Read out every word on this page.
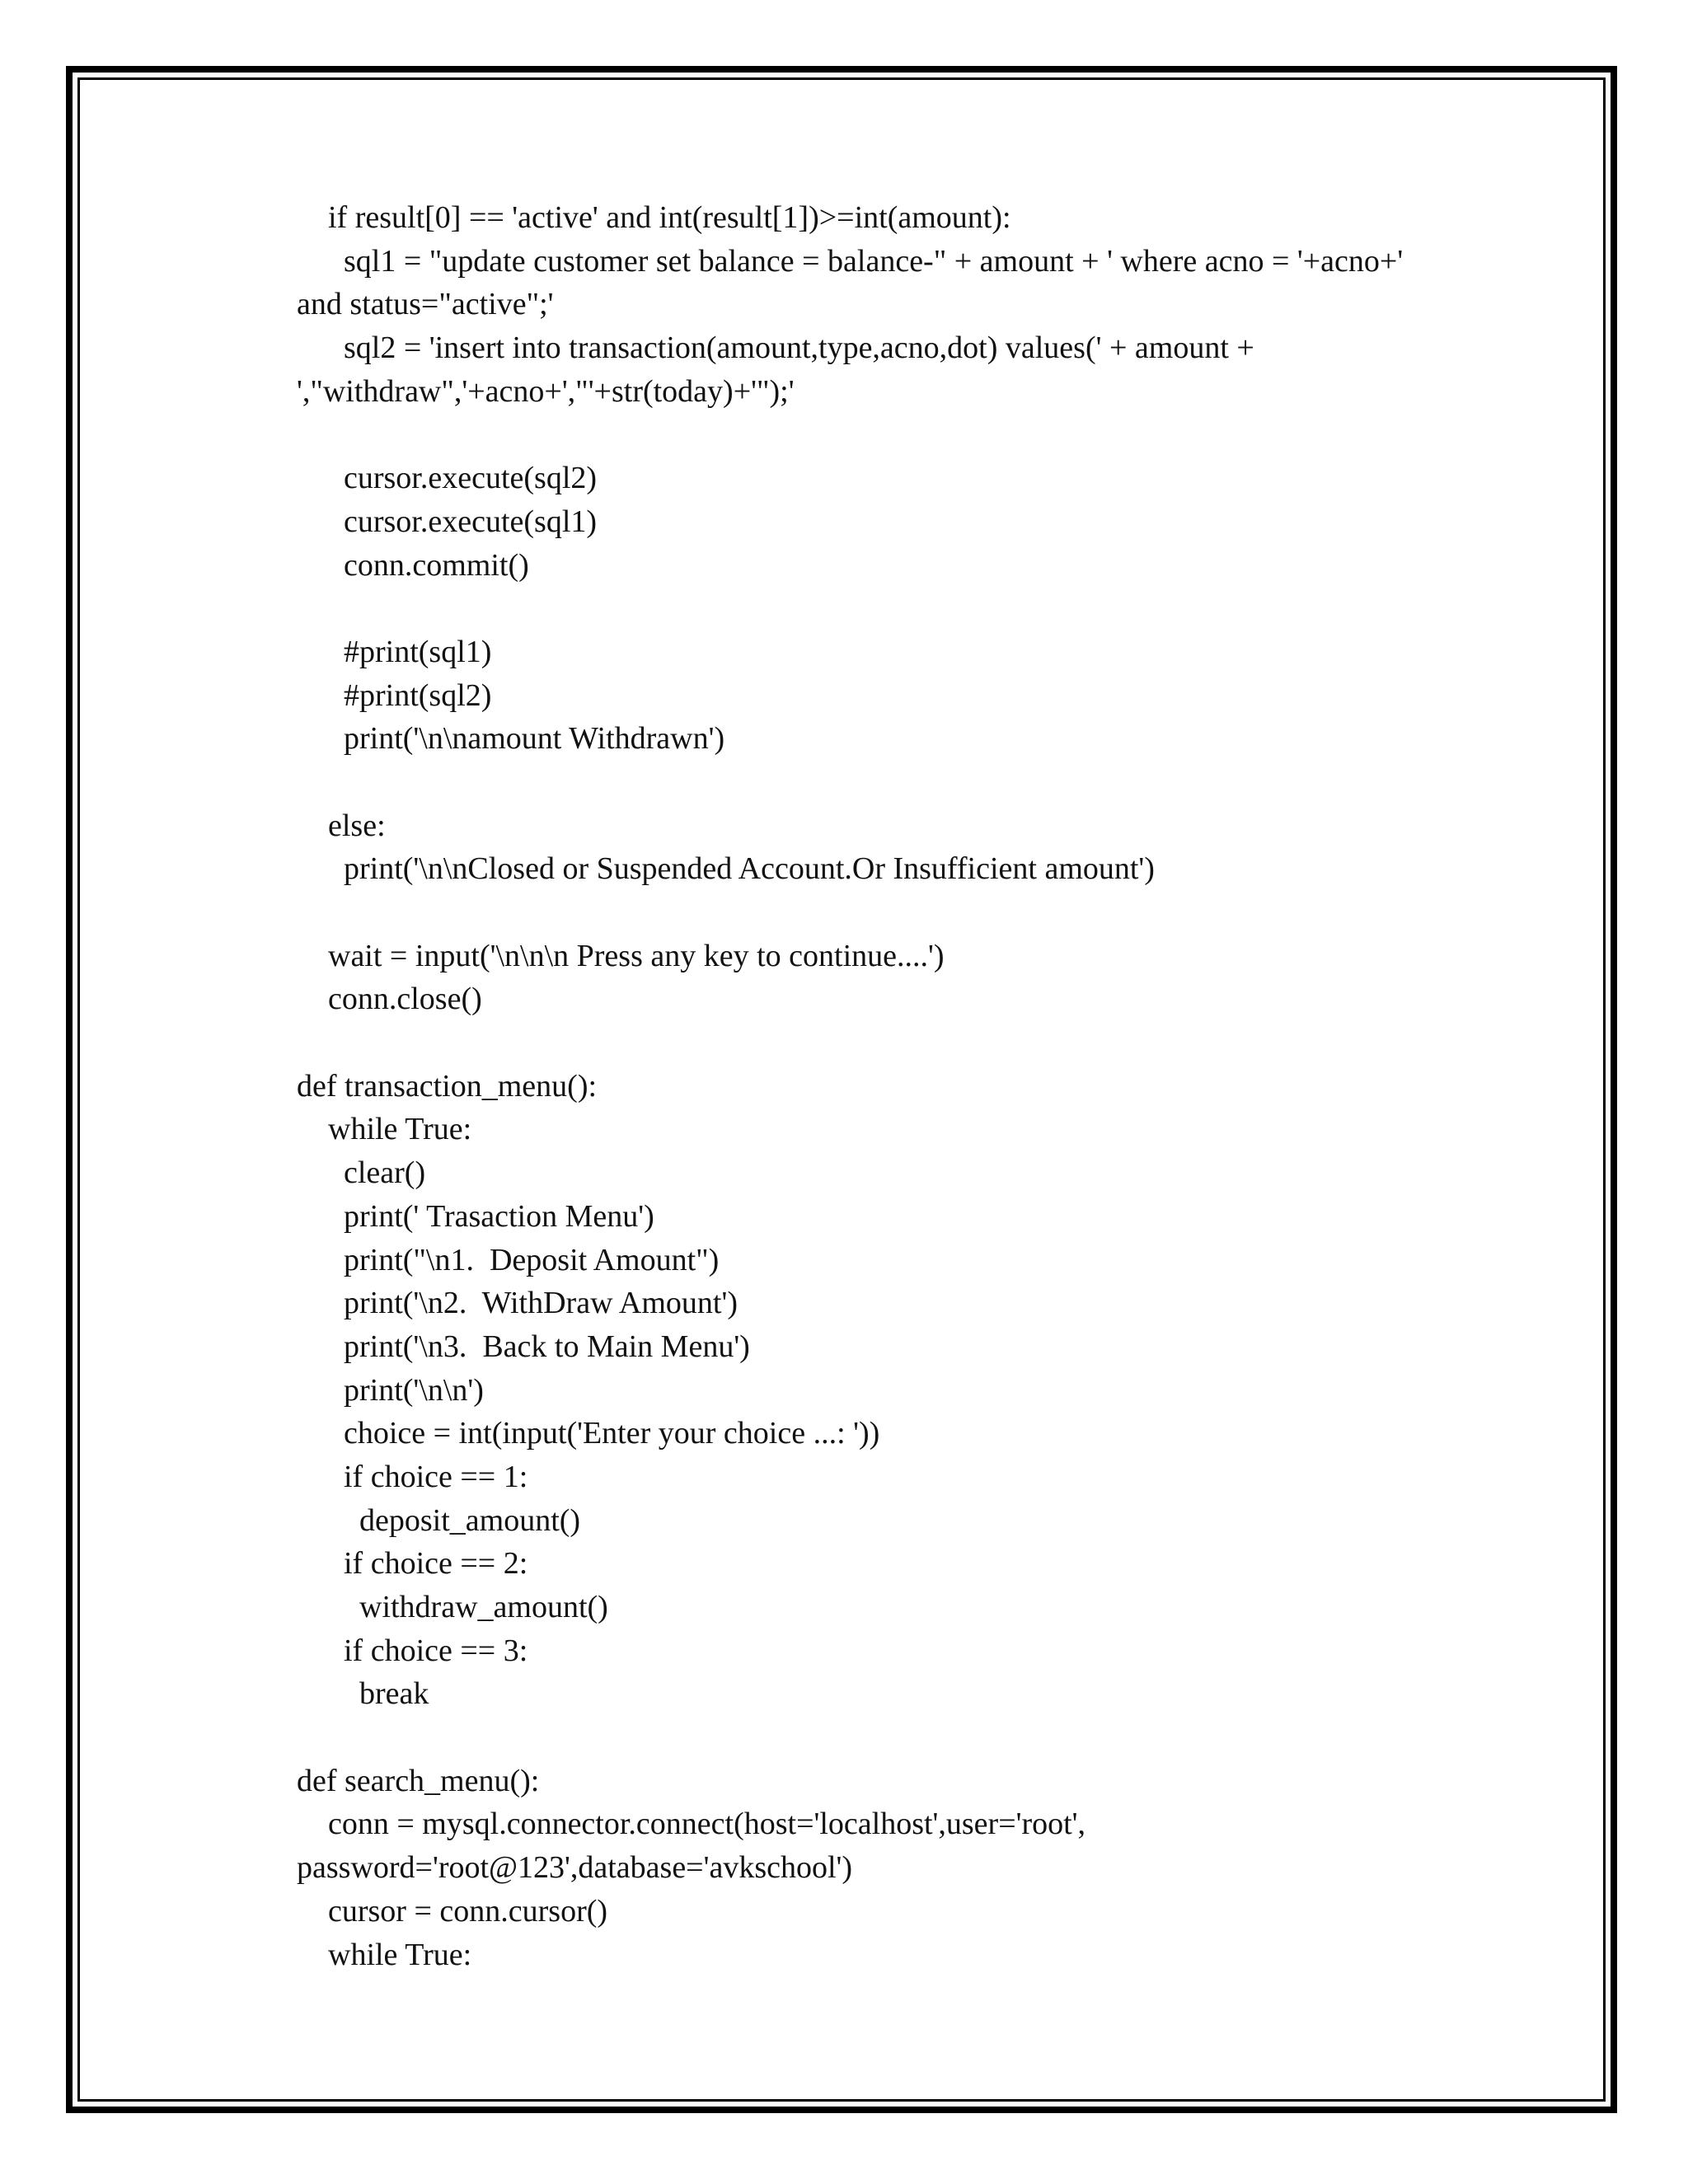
if result[0] == 'active' and int(result[1])>=int(amount):
sql1 = "update customer set balance = balance-" + amount + ' where acno = '+acno+'
and status="active";'
sql2 = 'insert into transaction(amount,type,acno,dot) values(' + amount +
',"withdraw",'+acno+',"'+str(today)+'");'
cursor.execute(sql2)
cursor.execute(sql1)
conn.commit()
#print(sql1)
#print(sql2)
print('\n\namount Withdrawn')
else:
print('\n\nClosed or Suspended Account.Or Insufficient amount')
wait = input('\n\n\n Press any key to continue....')
conn.close()
def transaction_menu():
while True:
clear()
print(' Trasaction Menu')
print("\n1.  Deposit Amount")
print('\n2.  WithDraw Amount')
print('\n3.  Back to Main Menu')
print('\n\n')
choice = int(input('Enter your choice ...: '))
if choice == 1:
deposit_amount()
if choice == 2:
withdraw_amount()
if choice == 3:
break
def search_menu():
conn = mysql.connector.connect(host='localhost',user='root',
password='root@123',database='avkschool')
cursor = conn.cursor()
while True:
